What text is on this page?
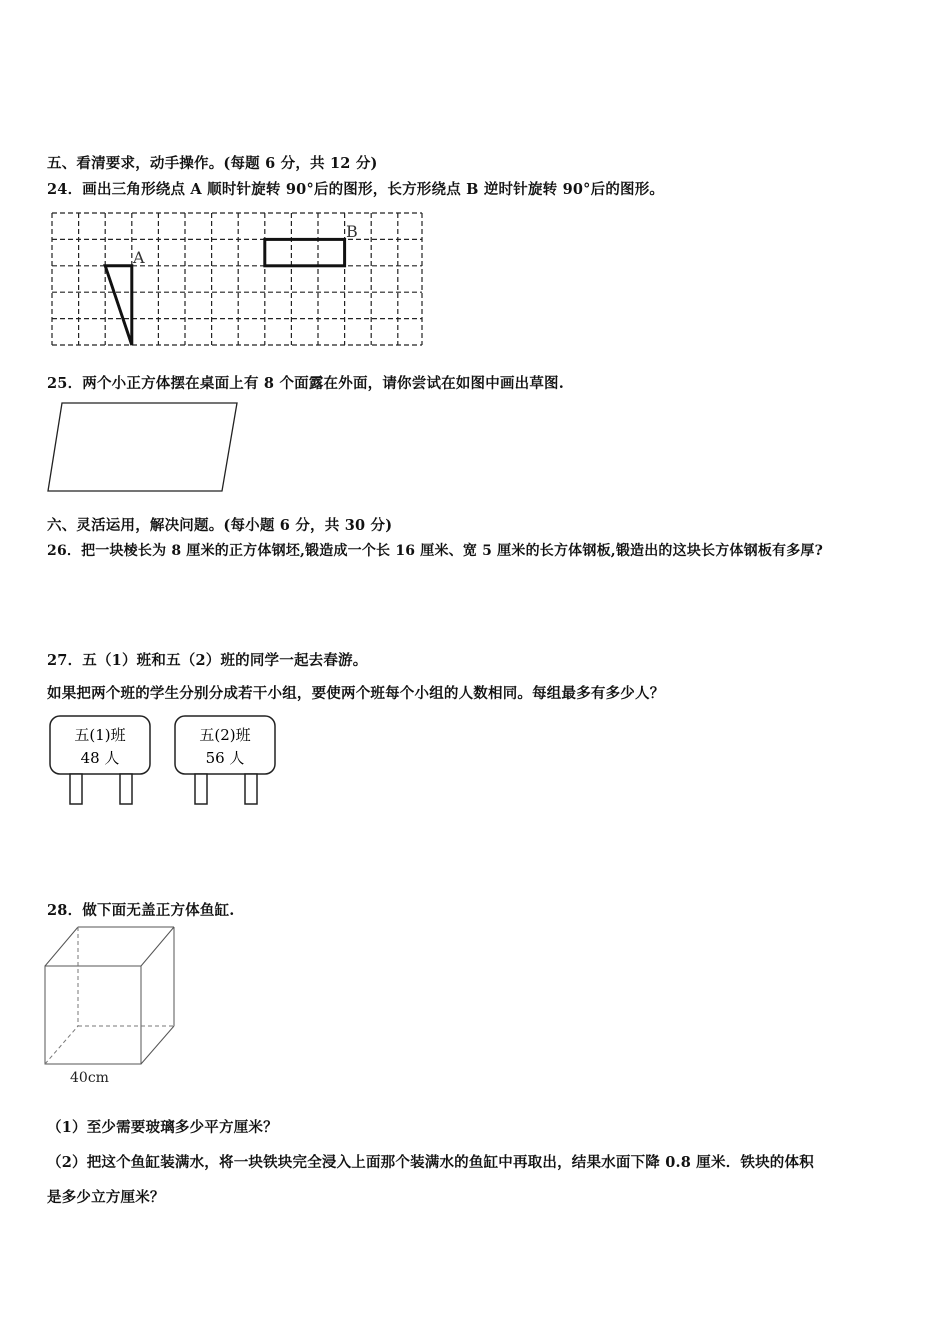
五、看清要求，动手操作。(每题 6 分，共 12 分)
24．画出三角形绕点 A 顺时针旋转 90°后的图形，长方形绕点 B 逆时针旋转 90°后的图形。
A
B
25．两个小正方体摆在桌面上有 8 个面露在外面，请你尝试在如图中画出草图.
六、灵活运用，解决问题。(每小题 6 分，共 30 分)
26．把一块棱长为 8 厘米的正方体钢坯,锻造成一个长 16 厘米、宽 5 厘米的长方体钢板,锻造出的这块长方体钢板有多厚?
27．五（1）班和五（2）班的同学一起去春游。
如果把两个班的学生分别分成若干小组，要使两个班每个小组的人数相同。每组最多有多少人？
五(1)班
48 人
五(2)班
56 人
28．做下面无盖正方体鱼缸.
40cm
（1）至少需要玻璃多少平方厘米？
（2）把这个鱼缸装满水，将一块铁块完全浸入上面那个装满水的鱼缸中再取出，结果水面下降 0.8 厘米．铁块的体积
是多少立方厘米？
